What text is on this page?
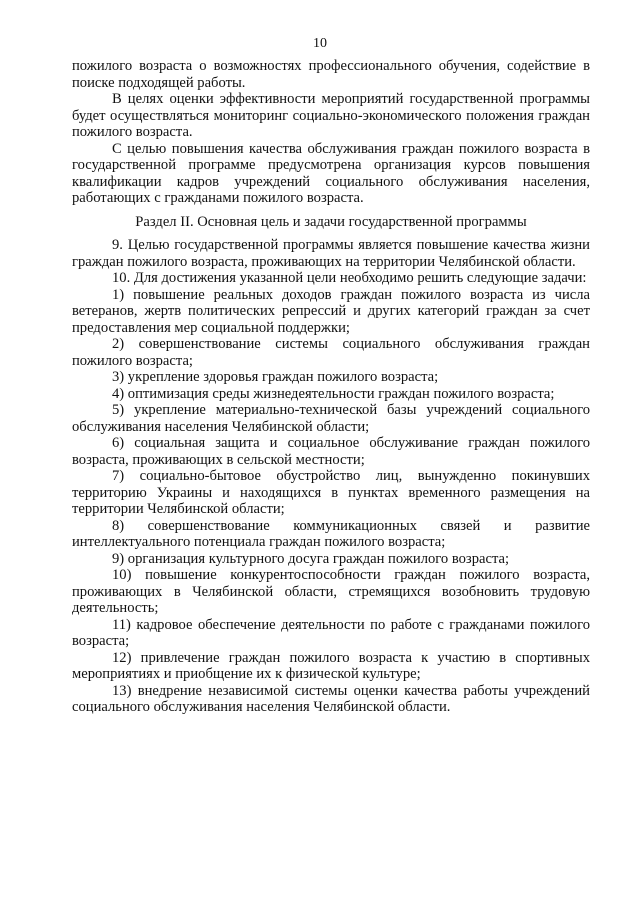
10

пожилого возраста о возможностях профессионального обучения, содействие в поиске подходящей работы.

В целях оценки эффективности мероприятий государственной программы будет осуществляться мониторинг социально-экономического положения граждан пожилого возраста.

С целью повышения качества обслуживания граждан пожилого возраста в государственной программе предусмотрена организация курсов повышения квалификации кадров учреждений социального обслуживания населения, работающих с гражданами пожилого возраста.

Раздел II. Основная цель и задачи государственной программы

9. Целью государственной программы является повышение качества жизни граждан пожилого возраста, проживающих на территории Челябинской области.

10. Для достижения указанной цели необходимо решить следующие задачи:

1) повышение реальных доходов граждан пожилого возраста из числа ветеранов, жертв политических репрессий и других категорий граждан за счет предоставления мер социальной поддержки;

2) совершенствование системы социального обслуживания граждан пожилого возраста;

3) укрепление здоровья граждан пожилого возраста;

4) оптимизация среды жизнедеятельности граждан пожилого возраста;

5) укрепление материально-технической базы учреждений социального обслуживания населения Челябинской области;

6) социальная защита и социальное обслуживание граждан пожилого возраста, проживающих в сельской местности;

7) социально-бытовое обустройство лиц, вынужденно покинувших территорию Украины и находящихся в пунктах временного размещения на территории Челябинской области;

8) совершенствование коммуникационных связей и развитие интеллектуального потенциала граждан пожилого возраста;

9) организация культурного досуга граждан пожилого возраста;

10) повышение конкурентоспособности граждан пожилого возраста, проживающих в Челябинской области, стремящихся возобновить трудовую деятельность;

11) кадровое обеспечение деятельности по работе с гражданами пожилого возраста;

12) привлечение граждан пожилого возраста к участию в спортивных мероприятиях и приобщение их к физической культуре;

13) внедрение независимой системы оценки качества работы учреждений социального обслуживания населения Челябинской области.
